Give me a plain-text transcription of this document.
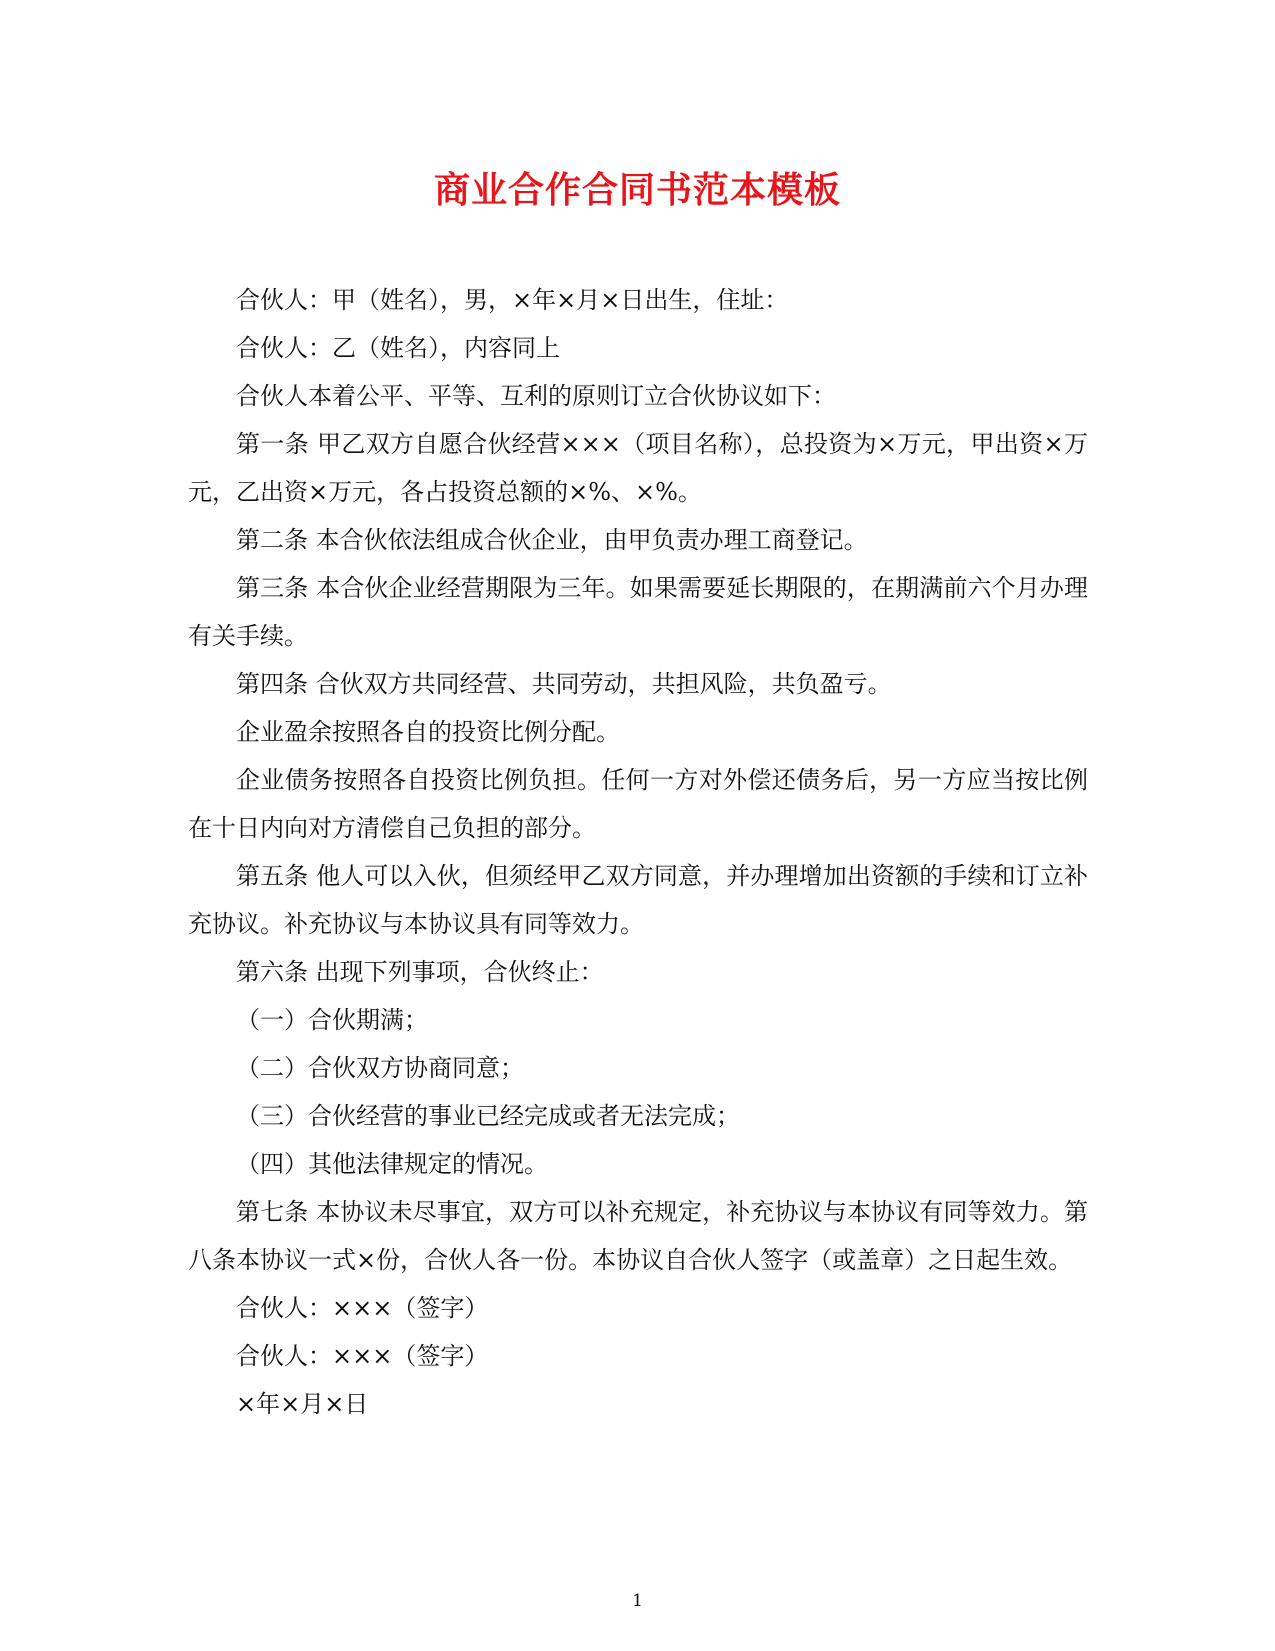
商业合作合同书范本模板

合伙人：甲（姓名），男，×年×月×日出生，住址：

合伙人：乙（姓名），内容同上

合伙人本着公平、平等、互利的原则订立合伙协议如下：

第一条 甲乙双方自愿合伙经营×××（项目名称），总投资为×万元，甲出资×万元，乙出资×万元，各占投资总额的×%、×%。

第二条 本合伙依法组成合伙企业，由甲负责办理工商登记。

第三条 本合伙企业经营期限为三年。如果需要延长期限的，在期满前六个月办理有关手续。

第四条 合伙双方共同经营、共同劳动，共担风险，共负盈亏。

企业盈余按照各自的投资比例分配。

企业债务按照各自投资比例负担。任何一方对外偿还债务后，另一方应当按比例在十日内向对方清偿自己负担的部分。

第五条 他人可以入伙，但须经甲乙双方同意，并办理增加出资额的手续和订立补充协议。补充协议与本协议具有同等效力。

第六条 出现下列事项，合伙终止：

（一）合伙期满；

（二）合伙双方协商同意；

（三）合伙经营的事业已经完成或者无法完成；

（四）其他法律规定的情况。

第七条 本协议未尽事宜，双方可以补充规定，补充协议与本协议有同等效力。第八条本协议一式×份，合伙人各一份。本协议自合伙人签字（或盖章）之日起生效。

合伙人：×××（签字）

合伙人：×××（签字）

×年×月×日

1
